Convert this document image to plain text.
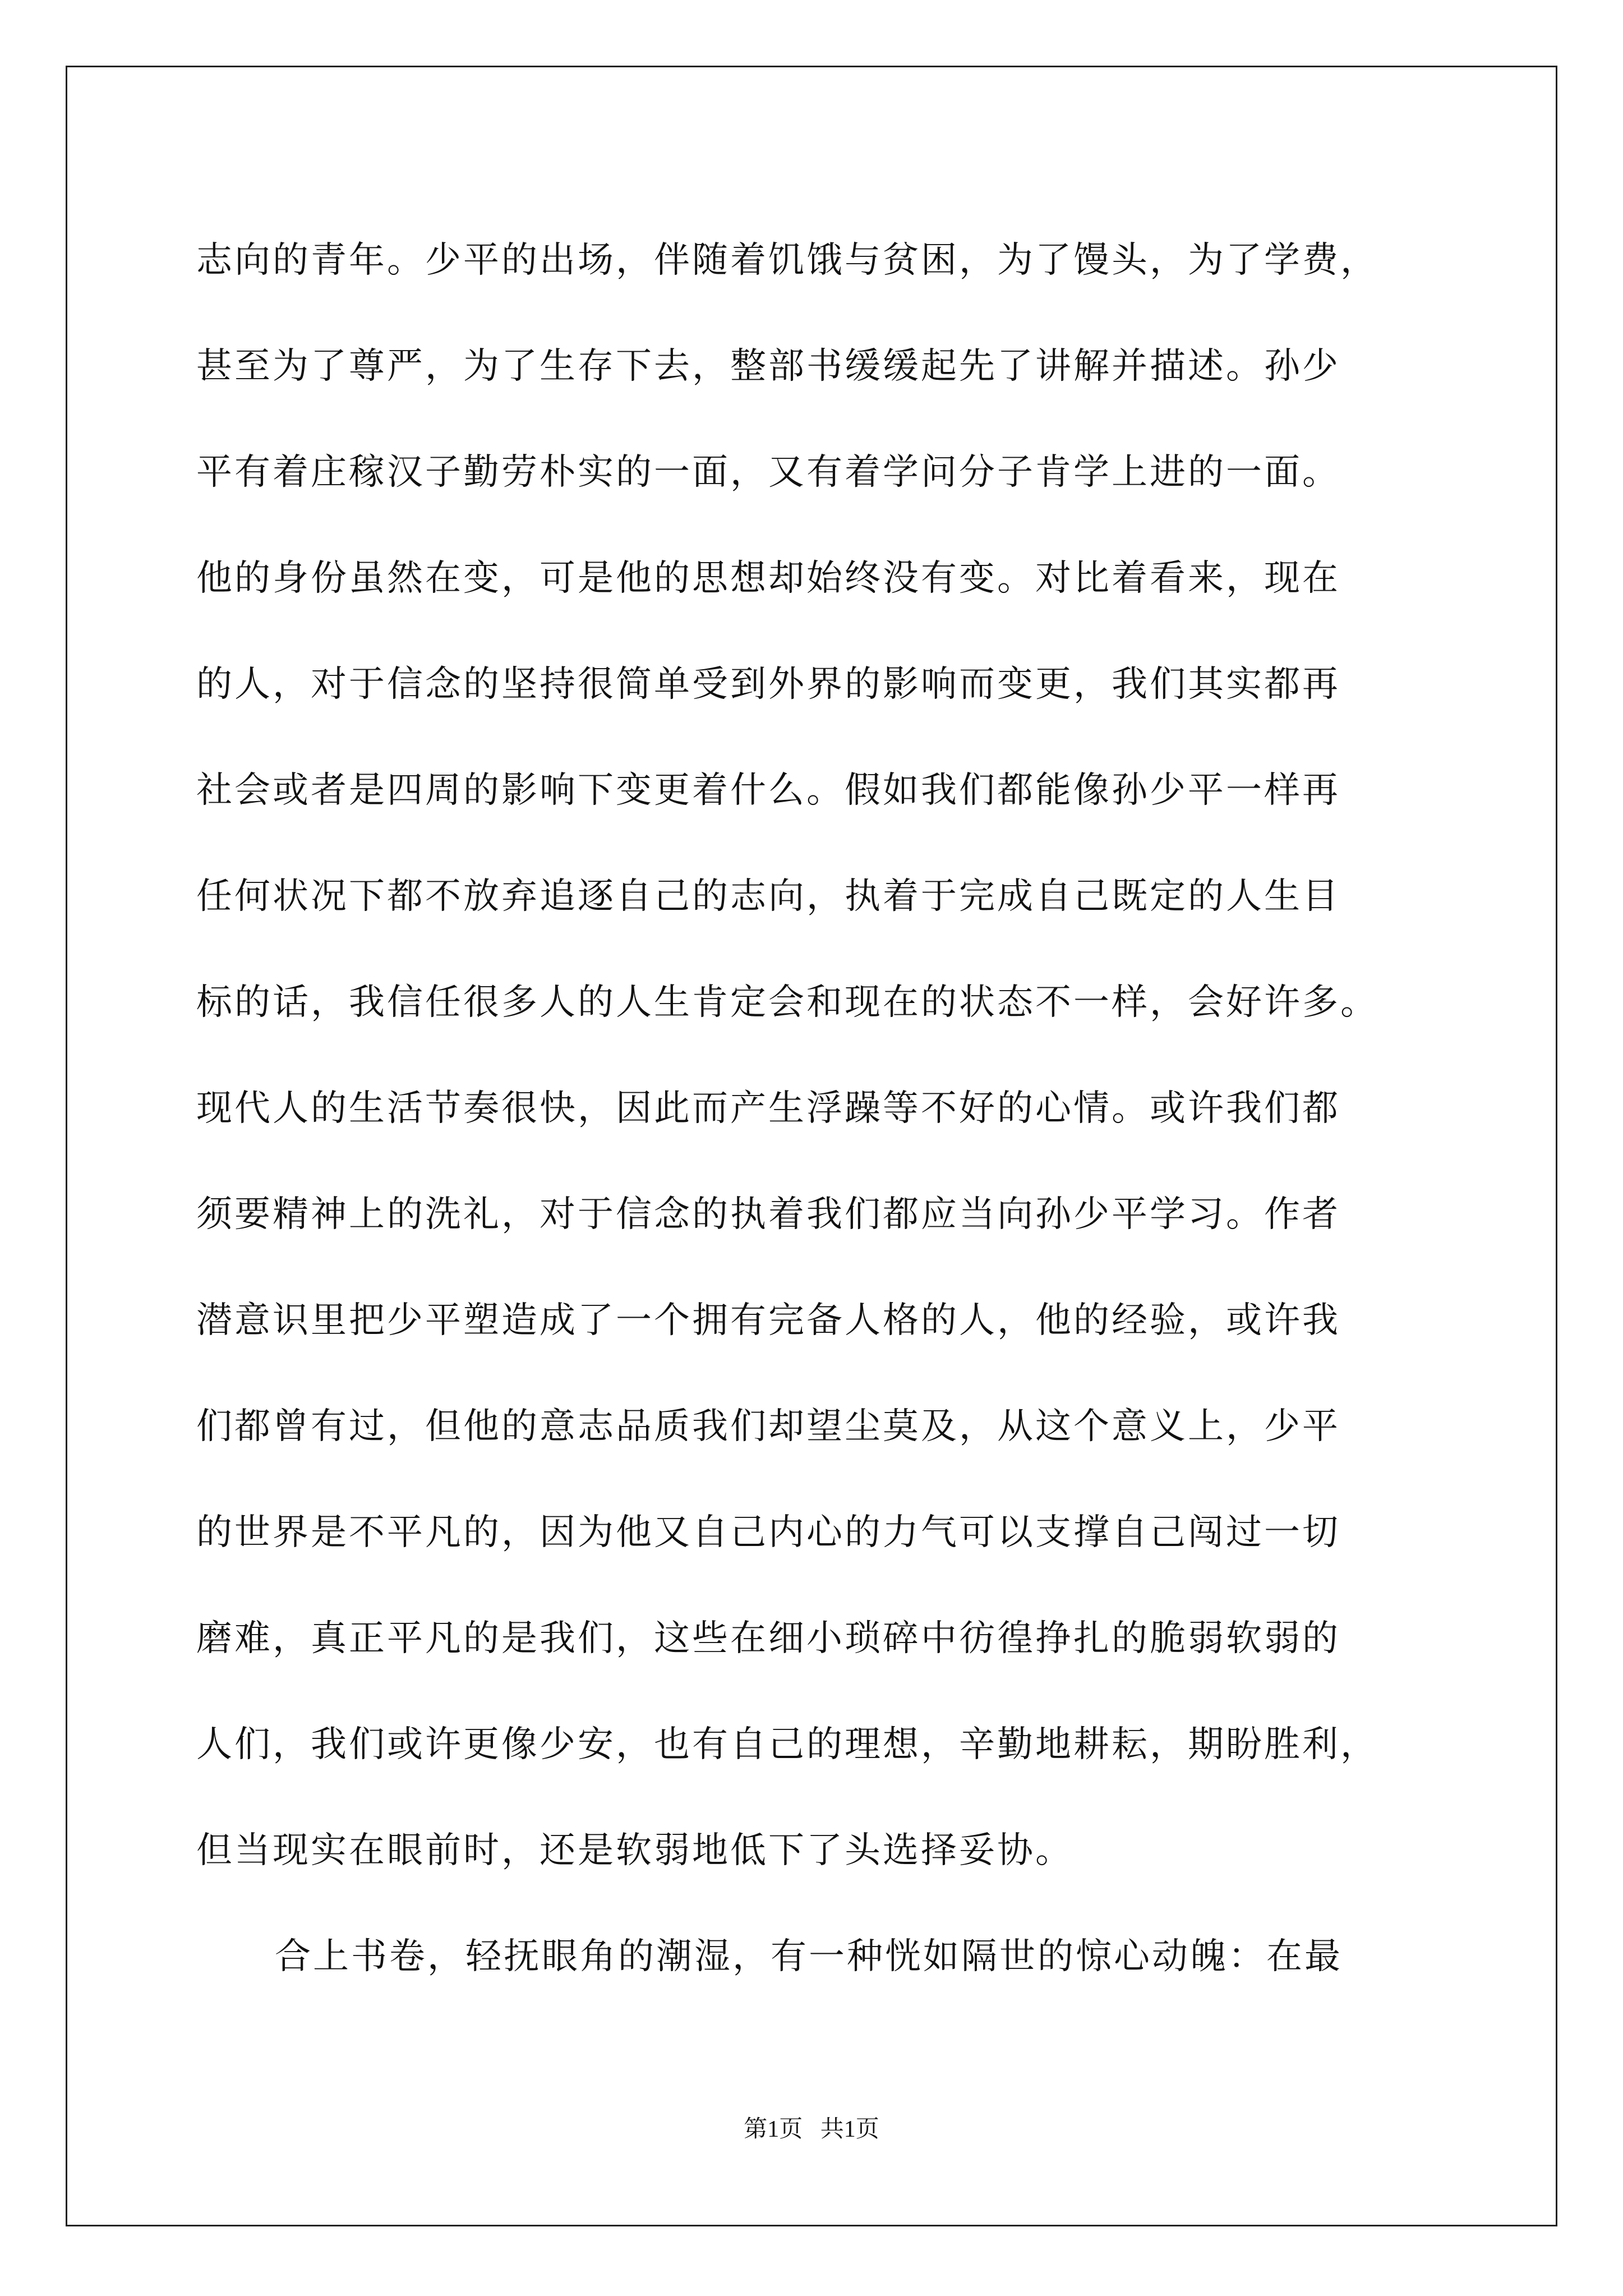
志向的青年。少平的出场，伴随着饥饿与贫困，为了馒头，为了学费，
甚至为了尊严，为了生存下去，整部书缓缓起先了讲解并描述。孙少
平有着庄稼汉子勤劳朴实的一面，又有着学问分子肯学上进的一面。
他的身份虽然在变，可是他的思想却始终没有变。对比着看来，现在
的人，对于信念的坚持很简单受到外界的影响而变更，我们其实都再
社会或者是四周的影响下变更着什么。假如我们都能像孙少平一样再
任何状况下都不放弃追逐自己的志向，执着于完成自己既定的人生目
标的话，我信任很多人的人生肯定会和现在的状态不一样，会好许多。
现代人的生活节奏很快，因此而产生浮躁等不好的心情。或许我们都
须要精神上的洗礼，对于信念的执着我们都应当向孙少平学习。作者
潜意识里把少平塑造成了一个拥有完备人格的人，他的经验，或许我
们都曾有过，但他的意志品质我们却望尘莫及，从这个意义上，少平
的世界是不平凡的，因为他又自己内心的力气可以支撑自己闯过一切
磨难，真正平凡的是我们，这些在细小琐碎中彷徨挣扎的脆弱软弱的
人们，我们或许更像少安，也有自己的理想，辛勤地耕耘，期盼胜利，
但当现实在眼前时，还是软弱地低下了头选择妥协。
合上书卷，轻抚眼角的潮湿，有一种恍如隔世的惊心动魄：在最
第1页   共1页
